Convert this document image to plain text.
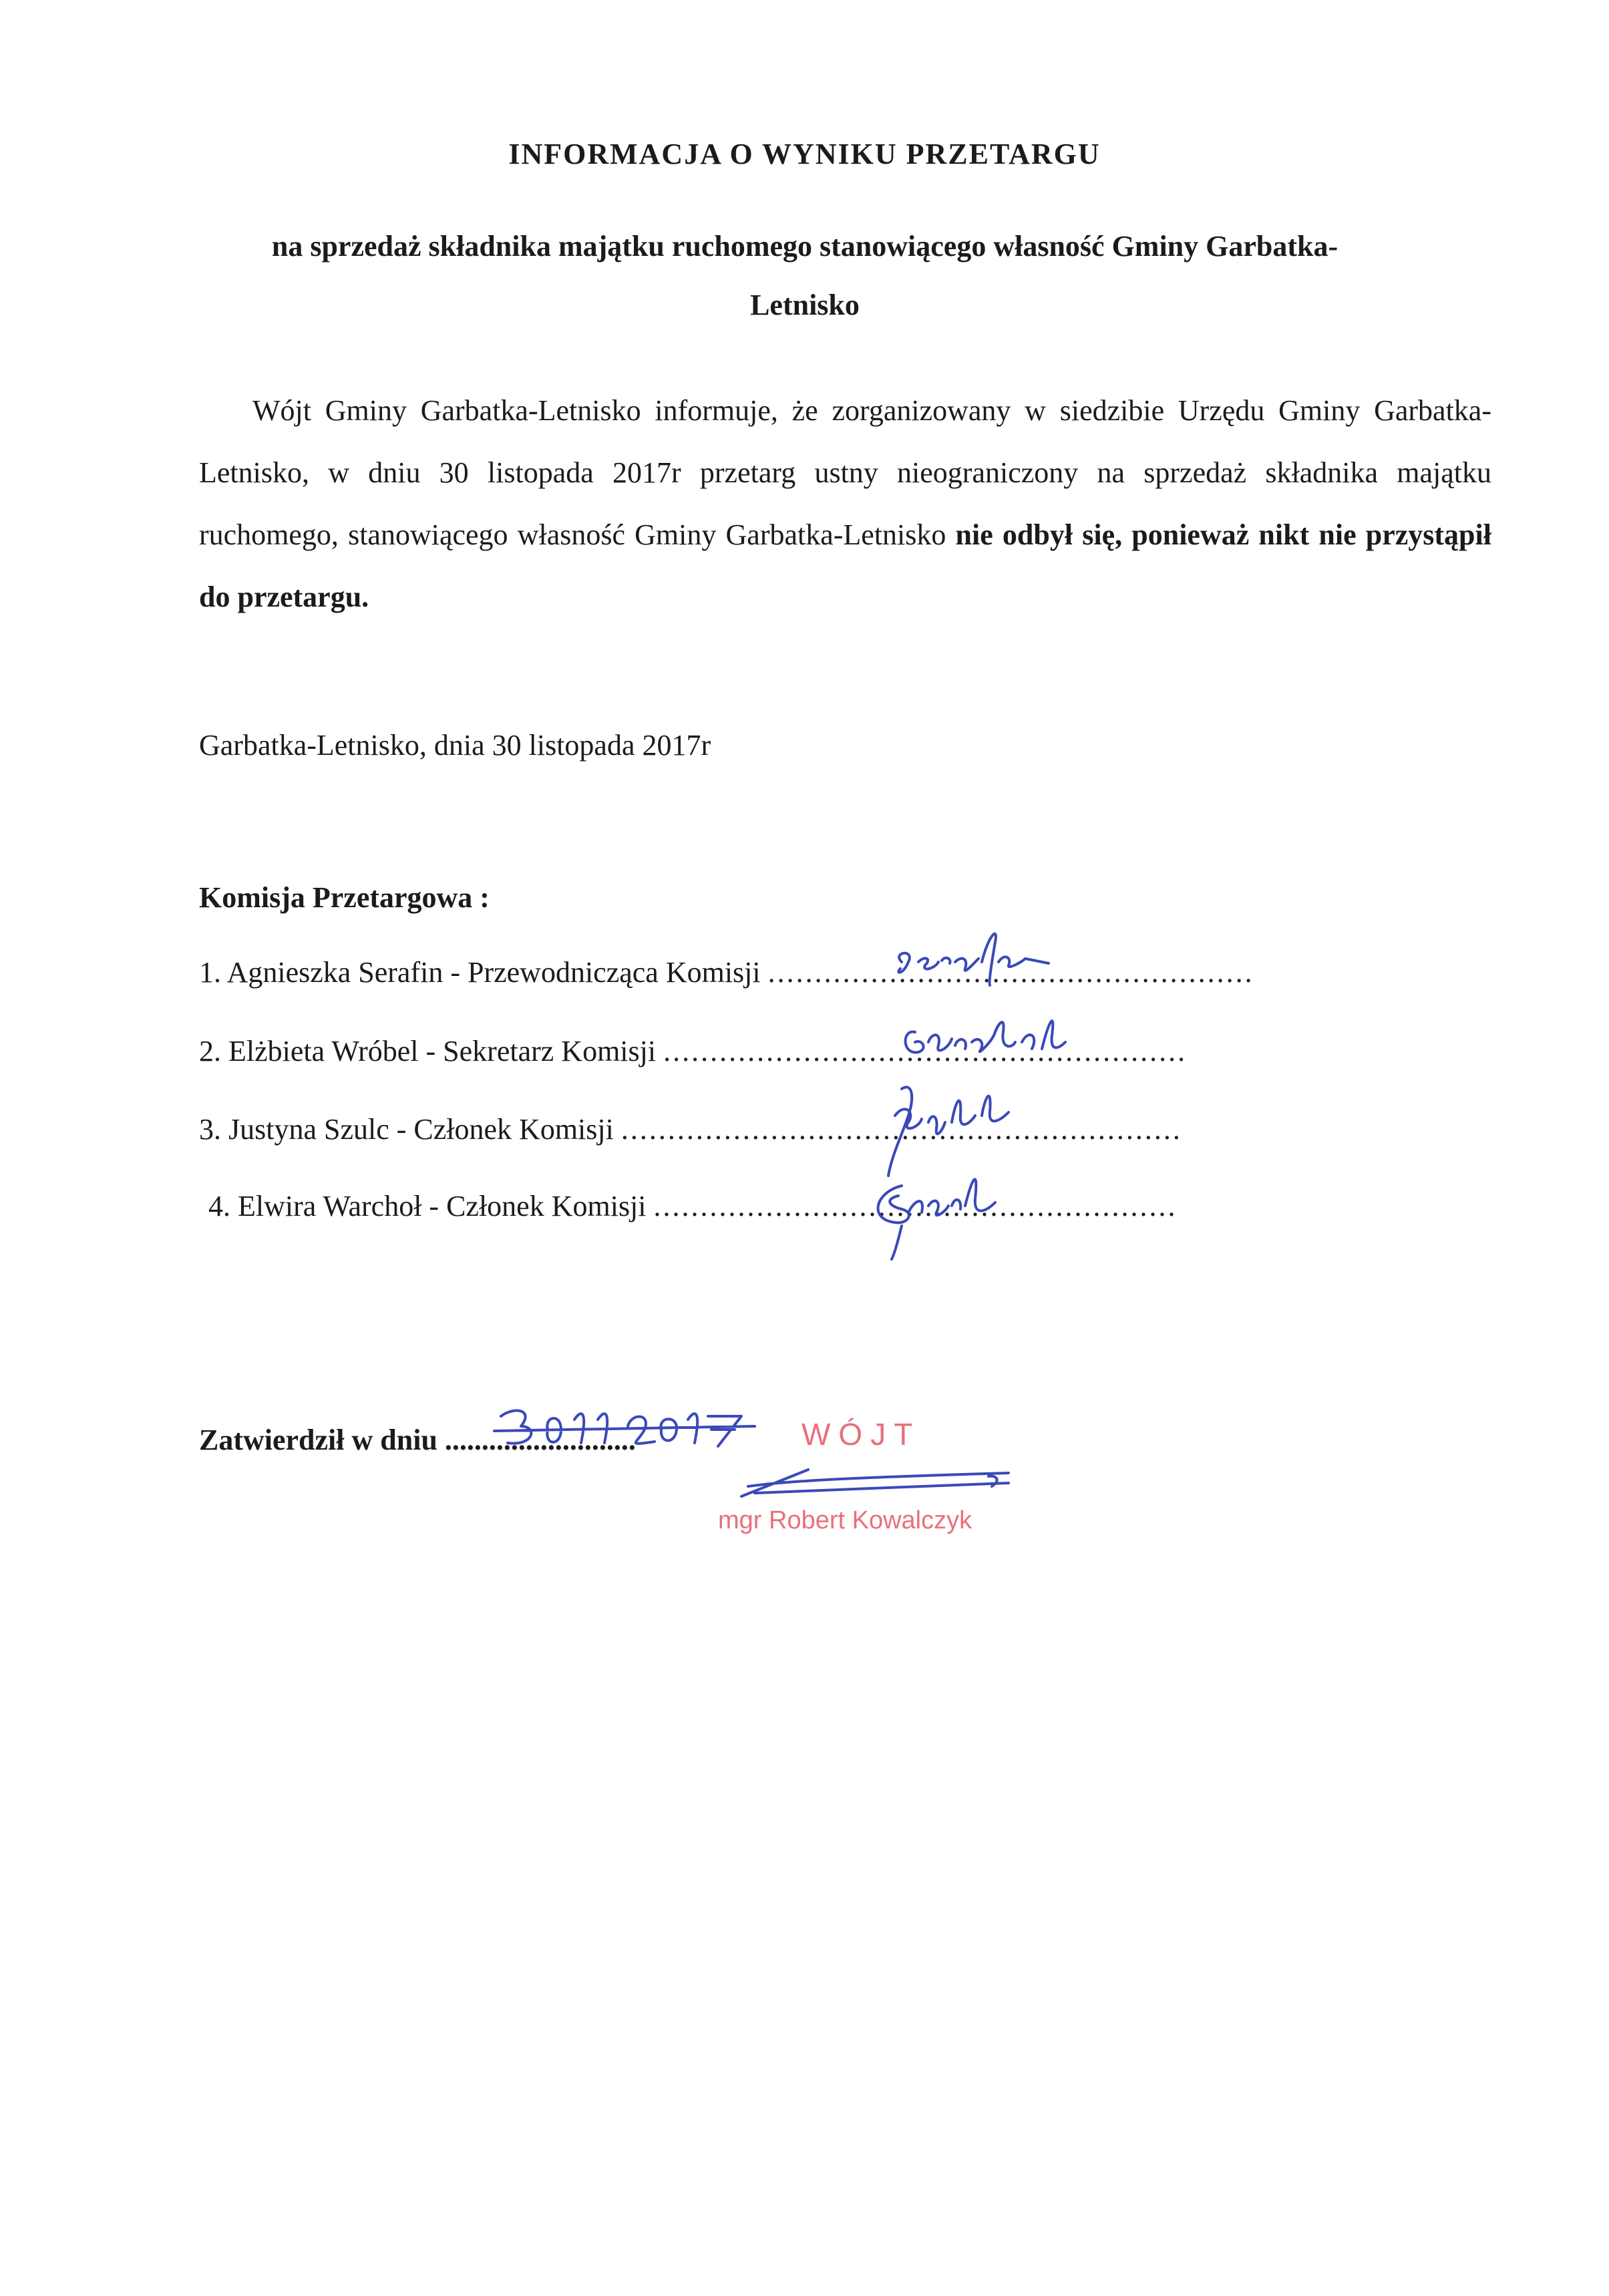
INFORMACJA O WYNIKU PRZETARGU
na sprzedaż składnika majątku ruchomego stanowiącego własność Gminy Garbatka-Letnisko
Wójt Gminy Garbatka-Letnisko informuje, że zorganizowany w siedzibie Urzędu Gminy Garbatka-Letnisko, w dniu 30 listopada 2017r przetarg ustny nieograniczony na sprzedaż składnika majątku ruchomego, stanowiącego własność Gminy Garbatka-Letnisko nie odbył się, ponieważ nikt nie przystąpił do przetargu.
Garbatka-Letnisko, dnia 30 listopada 2017r
Komisja Przetargowa :
1. Agnieszka Serafin - Przewodnicząca Komisji ....................................................
2. Elżbieta Wróbel - Sekretarz Komisji ........................................................
3. Justyna Szulc - Członek Komisji ............................................................
4. Elwira Warchoł - Członek Komisji ........................................................
Zatwierdził w dniu ..........................	WÓJT
mgr Robert Kowalczyk
